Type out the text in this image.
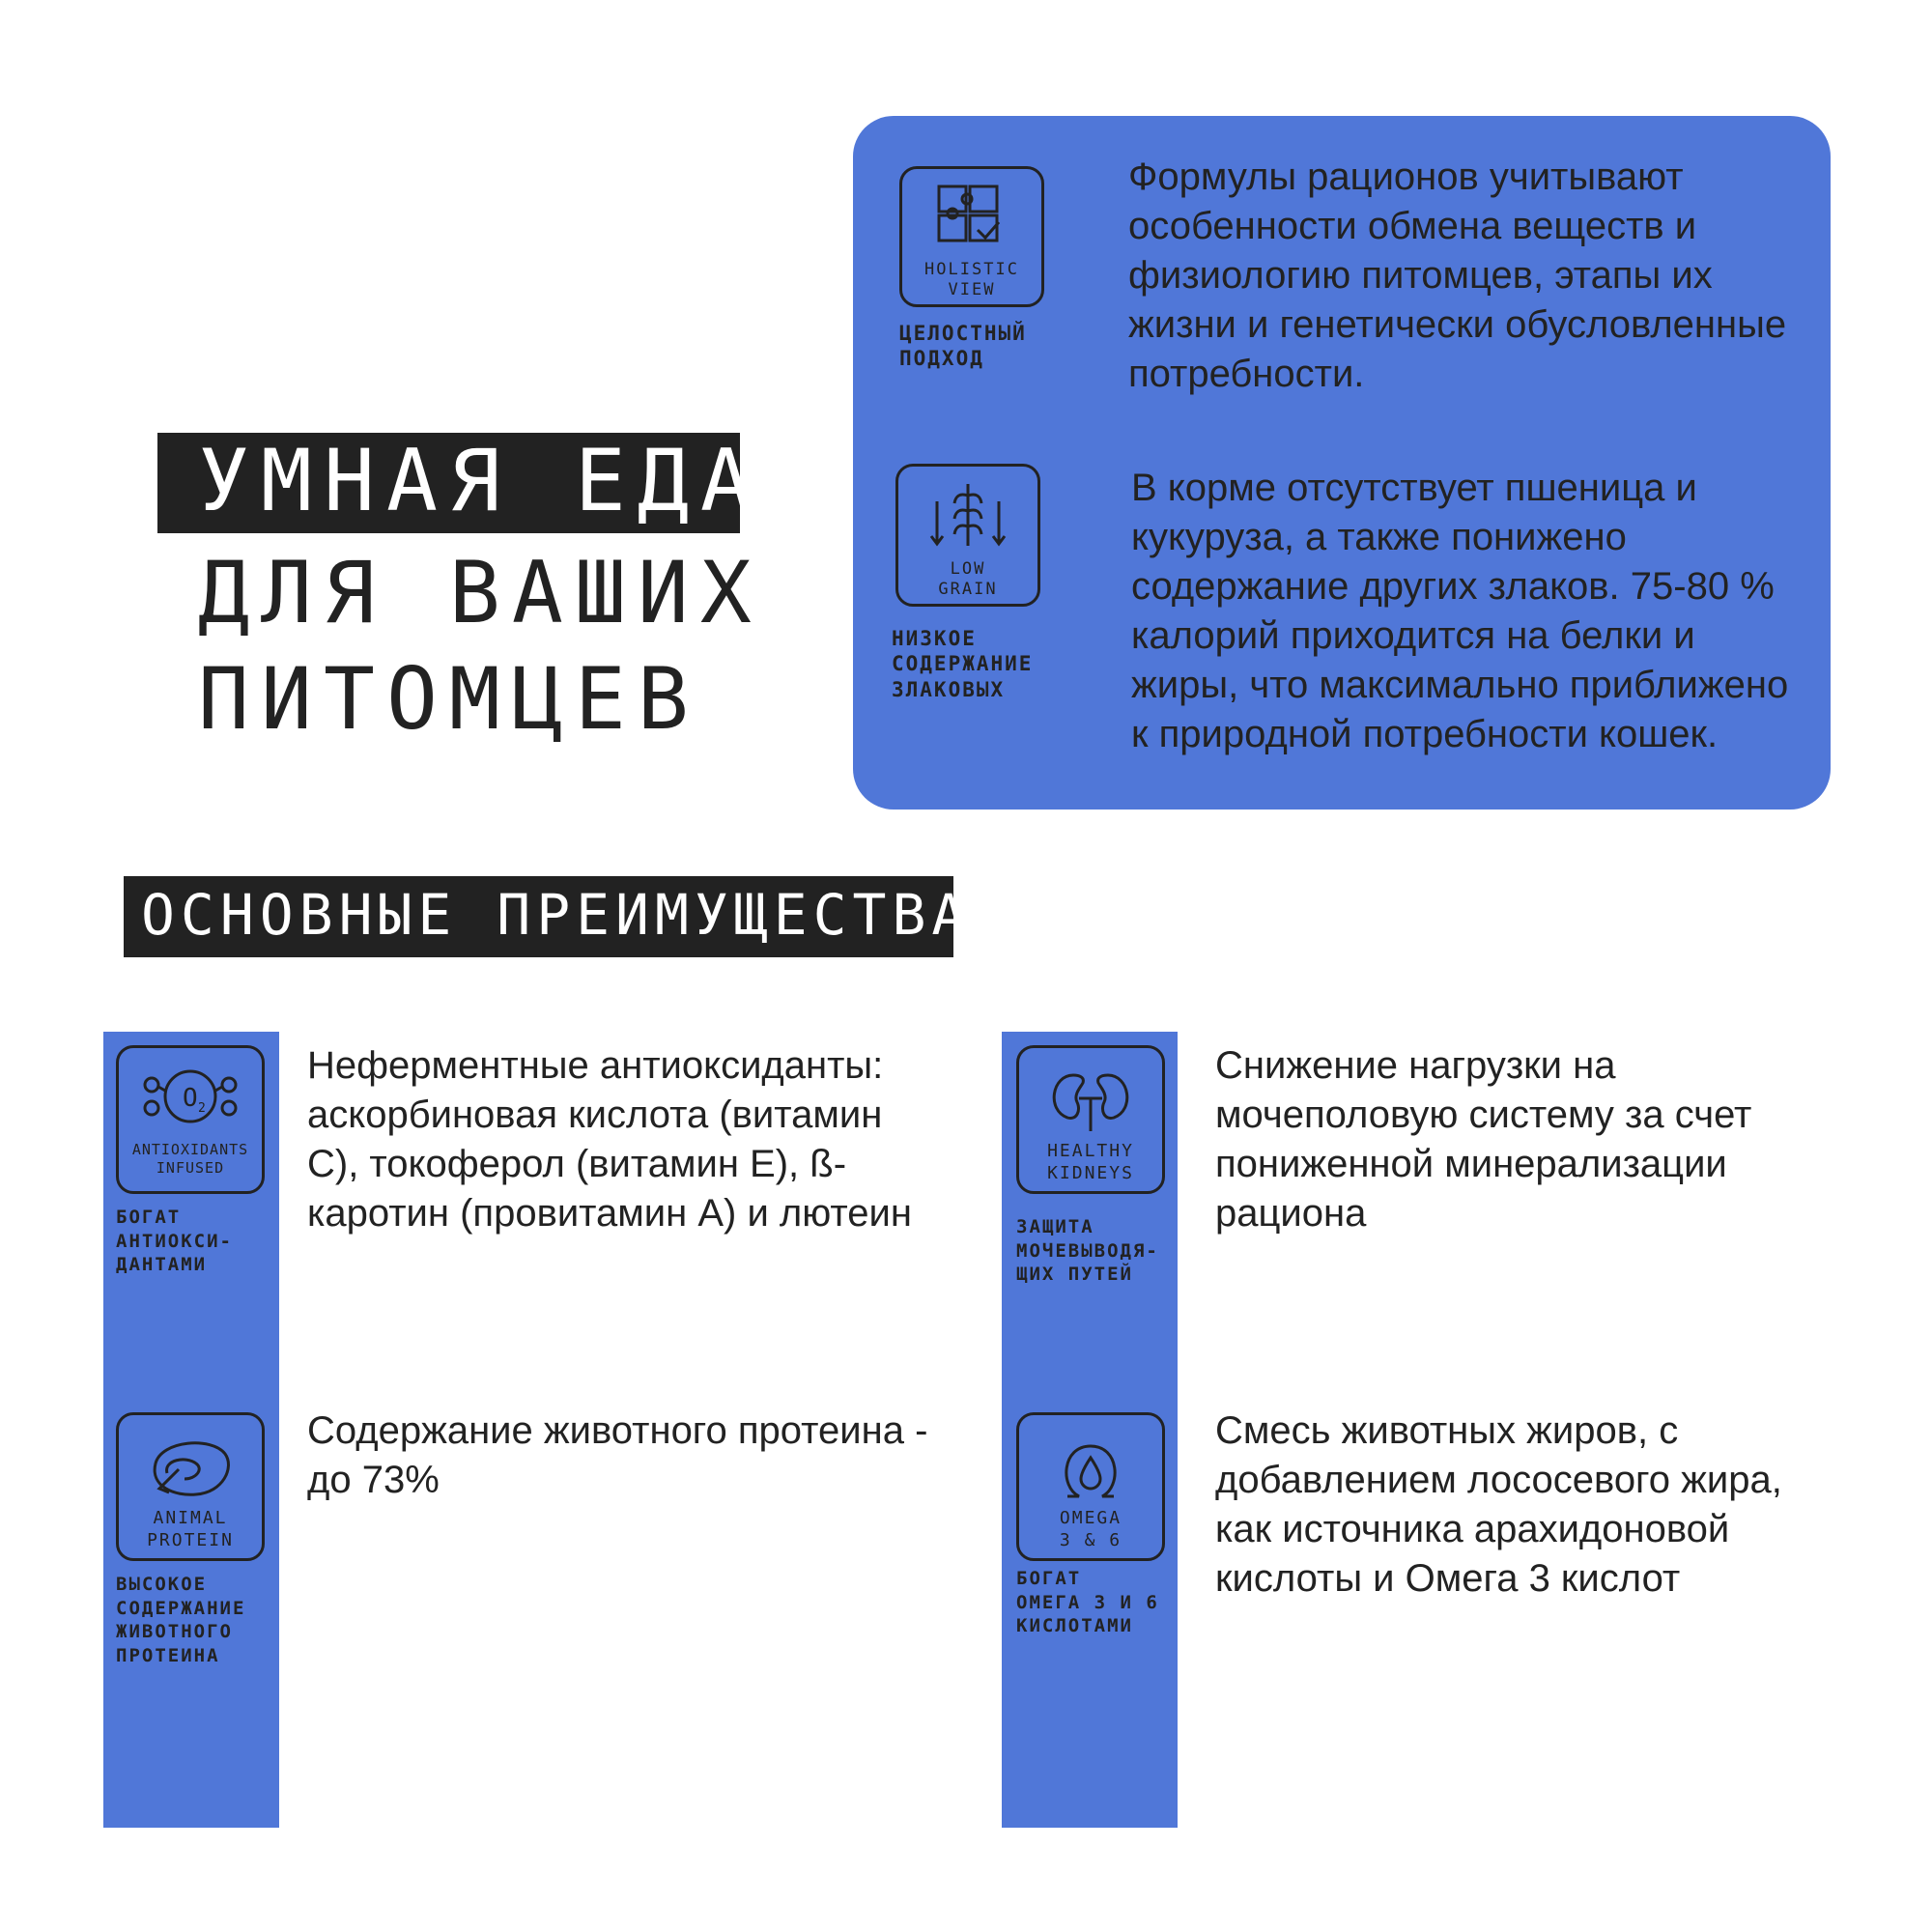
УМНАЯ ЕДА
ДЛЯ ВАШИХ
ПИТОМЦЕВ
HOLISTIC
VIEW
ЦЕЛОСТНЫЙ
ПОДХОД
Формулы рационов учитывают
особенности обмена веществ и
физиологию питомцев, этапы их
жизни и генетически обусловленные
потребности.
LOW
GRAIN
НИЗКОЕ
СОДЕРЖАНИЕ
ЗЛАКОВЫХ
В корме отсутствует пшеница и
кукуруза, а также понижено
содержание других злаков. 75-80 %
калорий приходится на белки и
жиры, что максимально приближено
к природной потребности кошек.
ОСНОВНЫЕ ПРЕИМУЩЕСТВА
O 2
ANTIOXIDANTS
INFUSED
БОГАТ
АНТИОКСИ-
ДАНТАМИ
Неферментные антиоксиданты:
аскорбиновая кислота (витамин
C), токоферол (витамин E), ß-
каротин (провитамин А) и лютеин
HEALTHY
KIDNEYS
ЗАЩИТА
МОЧЕВЫВОДЯ-
ЩИХ ПУТЕЙ
Снижение нагрузки на
мочеполовую систему за счет
пониженной минерализации
рациона
ANIMAL
PROTEIN
ВЫСОКОЕ
СОДЕРЖАНИЕ
ЖИВОТНОГО
ПРОТЕИНА
Содержание животного протеина -
до 73%
OMEGA
3 & 6
БОГАТ
ОМЕГА 3 И 6
КИСЛОТАМИ
Смесь животных жиров, с
добавлением лососевого жира,
как источника арахидоновой
кислоты и Омега 3 кислот
